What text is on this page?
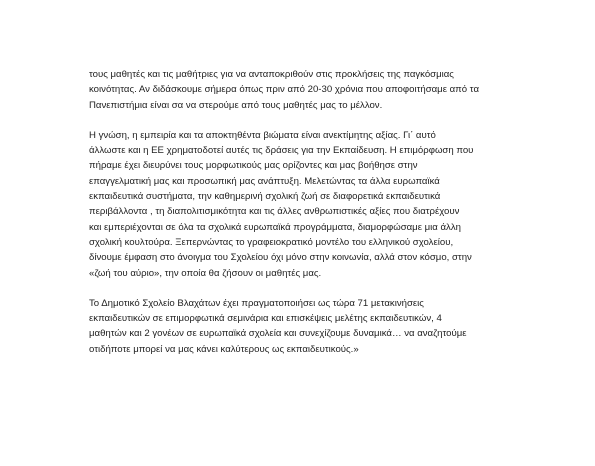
τους μαθητές και τις μαθήτριες για να ανταποκριθούν στις προκλήσεις της παγκόσμιας
κοινότητας. Αν διδάσκουμε σήμερα όπως πριν από 20-30 χρόνια που αποφοιτήσαμε από τα
Πανεπιστήμια είναι σα να στερούμε από τους μαθητές μας το μέλλον.

Η γνώση, η εμπειρία και τα αποκτηθέντα βιώματα είναι ανεκτίμητης αξίας. Γι΄ αυτό
άλλωστε και η ΕΕ χρηματοδοτεί αυτές τις δράσεις για την Εκπαίδευση. Η επιμόρφωση που
πήραμε έχει διευρύνει τους μορφωτικούς μας ορίζοντες και μας βοήθησε στην
επαγγελματική μας και προσωπική μας ανάπτυξη. Μελετώντας τα άλλα ευρωπαϊκά
εκπαιδευτικά συστήματα, την καθημερινή σχολική ζωή σε διαφορετικά εκπαιδευτικά
περιβάλλοντα , τη διαπολιτισμικότητα και τις άλλες ανθρωπιστικές αξίες που διατρέχουν
και εμπεριέχονται σε όλα τα σχολικά ευρωπαϊκά προγράμματα, διαμορφώσαμε μια άλλη
σχολική κουλτούρα. Ξεπερνώντας το γραφειοκρατικό μοντέλο του ελληνικού σχολείου,
δίνουμε έμφαση στο άνοιγμα του Σχολείου όχι μόνο στην κοινωνία, αλλά στον κόσμο, στην
«ζωή του αύριο», την οποία θα ζήσουν οι μαθητές μας.

Το Δημοτικό Σχολείο Βλαχάτων έχει πραγματοποιήσει ως τώρα 71 μετακινήσεις
εκπαιδευτικών σε επιμορφωτικά σεμινάρια και επισκέψεις μελέτης εκπαιδευτικών, 4
μαθητών και 2 γονέων σε ευρωπαϊκά σχολεία και συνεχίζουμε δυναμικά… να αναζητούμε
οτιδήποτε μπορεί να μας κάνει καλύτερους ως εκπαιδευτικούς.»
